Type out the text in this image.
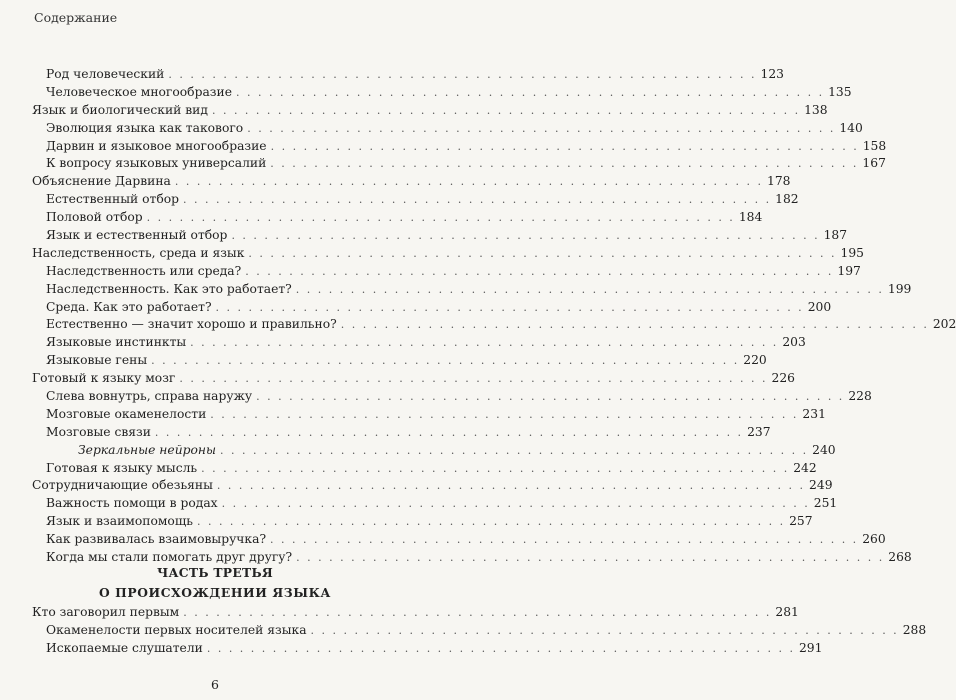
Содержание
Род человеческий . . . . . . . . . . . . . . . . . . . . . . . . . . . . . . . . . . . . . . . . . . . . . . . . . . . . . . 123
Человеческое многообразие . . . . . . . . . . . . . . . . . . . . . . . . . . . . . . . . . . . . . . . . . . . . . . . . . . . . . . 135
Язык и биологический вид . . . . . . . . . . . . . . . . . . . . . . . . . . . . . . . . . . . . . . . . . . . . . . . . . . . . . . 138
Эволюция языка как такового . . . . . . . . . . . . . . . . . . . . . . . . . . . . . . . . . . . . . . . . . . . . . . . . . . . . . . 140
Дарвин и языковое многообразие . . . . . . . . . . . . . . . . . . . . . . . . . . . . . . . . . . . . . . . . . . . . . . . . . . . . . . 158
К вопросу языковых универсалий . . . . . . . . . . . . . . . . . . . . . . . . . . . . . . . . . . . . . . . . . . . . . . . . . . . . . . 167
Объяснение Дарвина . . . . . . . . . . . . . . . . . . . . . . . . . . . . . . . . . . . . . . . . . . . . . . . . . . . . . . 178
Естественный отбор . . . . . . . . . . . . . . . . . . . . . . . . . . . . . . . . . . . . . . . . . . . . . . . . . . . . . . 182
Половой отбор . . . . . . . . . . . . . . . . . . . . . . . . . . . . . . . . . . . . . . . . . . . . . . . . . . . . . . 184
Язык и естественный отбор . . . . . . . . . . . . . . . . . . . . . . . . . . . . . . . . . . . . . . . . . . . . . . . . . . . . . . 187
Наследственность, среда и язык . . . . . . . . . . . . . . . . . . . . . . . . . . . . . . . . . . . . . . . . . . . . . . . . . . . . . . 195
Наследственность или среда? . . . . . . . . . . . . . . . . . . . . . . . . . . . . . . . . . . . . . . . . . . . . . . . . . . . . . . 197
Наследственность. Как это работает? . . . . . . . . . . . . . . . . . . . . . . . . . . . . . . . . . . . . . . . . . . . . . . . . . . . . . . 199
Среда. Как это работает? . . . . . . . . . . . . . . . . . . . . . . . . . . . . . . . . . . . . . . . . . . . . . . . . . . . . . . 200
Естественно — значит хорошо и правильно? . . . . . . . . . . . . . . . . . . . . . . . . . . . . . . . . . . . . . . . . . . . . . . . . . . . . . . 202
Языковые инстинкты . . . . . . . . . . . . . . . . . . . . . . . . . . . . . . . . . . . . . . . . . . . . . . . . . . . . . . 203
Языковые гены . . . . . . . . . . . . . . . . . . . . . . . . . . . . . . . . . . . . . . . . . . . . . . . . . . . . . . 220
Готовый к языку мозг . . . . . . . . . . . . . . . . . . . . . . . . . . . . . . . . . . . . . . . . . . . . . . . . . . . . . . 226
Слева вовнутрь, справа наружу . . . . . . . . . . . . . . . . . . . . . . . . . . . . . . . . . . . . . . . . . . . . . . . . . . . . . . 228
Мозговые окаменелости . . . . . . . . . . . . . . . . . . . . . . . . . . . . . . . . . . . . . . . . . . . . . . . . . . . . . . 231
Мозговые связи . . . . . . . . . . . . . . . . . . . . . . . . . . . . . . . . . . . . . . . . . . . . . . . . . . . . . . 237
Зеркальные нейроны . . . . . . . . . . . . . . . . . . . . . . . . . . . . . . . . . . . . . . . . . . . . . . . . . . . . . . 240
Готовая к языку мысль . . . . . . . . . . . . . . . . . . . . . . . . . . . . . . . . . . . . . . . . . . . . . . . . . . . . . . 242
Сотрудничающие обезьяны . . . . . . . . . . . . . . . . . . . . . . . . . . . . . . . . . . . . . . . . . . . . . . . . . . . . . . 249
Важность помощи в родах . . . . . . . . . . . . . . . . . . . . . . . . . . . . . . . . . . . . . . . . . . . . . . . . . . . . . . 251
Язык и взаимопомощь . . . . . . . . . . . . . . . . . . . . . . . . . . . . . . . . . . . . . . . . . . . . . . . . . . . . . . 257
Как развивалась взаимовыручка? . . . . . . . . . . . . . . . . . . . . . . . . . . . . . . . . . . . . . . . . . . . . . . . . . . . . . . 260
Когда мы стали помогать друг другу? . . . . . . . . . . . . . . . . . . . . . . . . . . . . . . . . . . . . . . . . . . . . . . . . . . . . . . 268
ЧАСТЬ ТРЕТЬЯ
О ПРОИСХОЖДЕНИИ ЯЗЫКА
Кто заговорил первым . . . . . . . . . . . . . . . . . . . . . . . . . . . . . . . . . . . . . . . . . . . . . . . . . . . . . . 281
Окаменелости первых носителей языка . . . . . . . . . . . . . . . . . . . . . . . . . . . . . . . . . . . . . . . . . . . . . . . . . . . . . . 288
Ископаемые слушатели . . . . . . . . . . . . . . . . . . . . . . . . . . . . . . . . . . . . . . . . . . . . . . . . . . . . . . 291
6
